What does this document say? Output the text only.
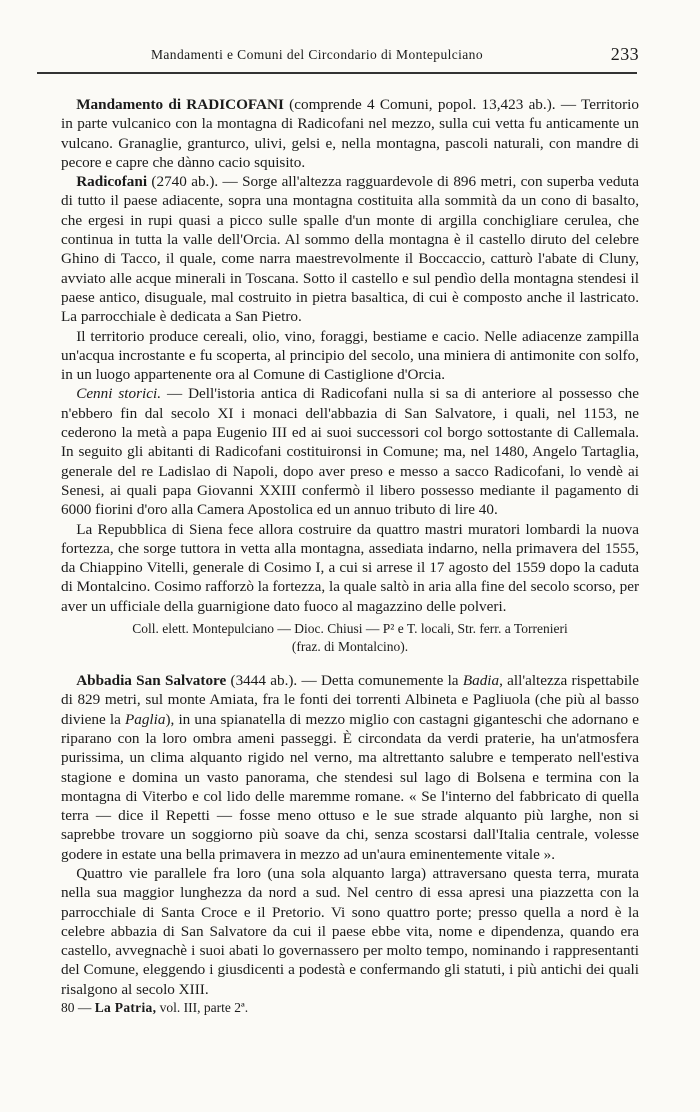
Mandamenti e Comuni del Circondario di Montepulciano	233

 Mandamento di RADICOFANI (comprende 4 Comuni, popol. 13,423 ab.). — Territorio in parte vulcanico con la montagna di Radicofani nel mezzo, sulla cui vetta fu anticamente un vulcano. Granaglie, granturco, ulivi, gelsi e, nella montagna, pascoli naturali, con mandre di pecore e capre che dànno cacio squisito.

 Radicofani (2740 ab.). — Sorge all'altezza ragguardevole di 896 metri, con superba veduta di tutto il paese adiacente, sopra una montagna costituita alla sommità da un cono di basalto, che ergesi in rupi quasi a picco sulle spalle d'un monte di argilla conchigliare cerulea, che continua in tutta la valle dell'Orcia. Al sommo della montagna è il castello diruto del celebre Ghino di Tacco, il quale, come narra maestrevolmente il Boccaccio, catturò l'abate di Cluny, avviato alle acque minerali in Toscana. Sotto il castello e sul pendìo della montagna stendesi il paese antico, disuguale, mal costruito in pietra basaltica, di cui è composto anche il lastricato. La parrocchiale è dedicata a San Pietro.

 Il territorio produce cereali, olio, vino, foraggi, bestiame e cacio. Nelle adiacenze zampilla un'acqua incrostante e fu scoperta, al principio del secolo, una miniera di antimonite con solfo, in un luogo appartenente ora al Comune di Castiglione d'Orcia.

 Cenni storici. — Dell'istoria antica di Radicofani nulla si sa di anteriore al possesso che n'ebbero fin dal secolo XI i monaci dell'abbazia di San Salvatore, i quali, nel 1153, ne cederono la metà a papa Eugenio III ed ai suoi successori col borgo sottostante di Callemala. In seguito gli abitanti di Radicofani costituironsi in Comune; ma, nel 1480, Angelo Tartaglia, generale del re Ladislao di Napoli, dopo aver preso e messo a sacco Radicofani, lo vendè ai Senesi, ai quali papa Giovanni XXIII confermò il libero possesso mediante il pagamento di 6000 fiorini d'oro alla Camera Apostolica ed un annuo tributo di lire 40.

 La Repubblica di Siena fece allora costruire da quattro mastri muratori lombardi la nuova fortezza, che sorge tuttora in vetta alla montagna, assediata indarno, nella primavera del 1555, da Chiappino Vitelli, generale di Cosimo I, a cui si arrese il 17 agosto del 1559 dopo la caduta di Montalcino. Cosimo rafforzò la fortezza, la quale saltò in aria alla fine del secolo scorso, per aver un ufficiale della guarnigione dato fuoco al magazzino delle polveri.

Coll. elett. Montepulciano — Dioc. Chiusi — P² e T. locali, Str. ferr. a Torrenieri
(fraz. di Montalcino).

 Abbadia San Salvatore (3444 ab.). — Detta comunemente la Badia, all'altezza rispettabile di 829 metri, sul monte Amiata, fra le fonti dei torrenti Albineta e Pagliuola (che più al basso diviene la Paglia), in una spianatella di mezzo miglio con castagni giganteschi che adornano e riparano con la loro ombra ameni passeggi. È circondata da verdi praterie, ha un'atmosfera purissima, un clima alquanto rigido nel verno, ma altrettanto salubre e temperato nell'estiva stagione e domina un vasto panorama, che stendesi sul lago di Bolsena e termina con la montagna di Viterbo e col lido delle maremme romane. « Se l'interno del fabbricato di quella terra — dice il Repetti — fosse meno ottuso e le sue strade alquanto più larghe, non si saprebbe trovare un soggiorno più soave da chi, senza scostarsi dall'Italia centrale, volesse godere in estate una bella primavera in mezzo ad un'aura eminentemente vitale ».

 Quattro vie parallele fra loro (una sola alquanto larga) attraversano questa terra, murata nella sua maggior lunghezza da nord a sud. Nel centro di essa apresi una piazzetta con la parrocchiale di Santa Croce e il Pretorio. Vi sono quattro porte; presso quella a nord è la celebre abbazia di San Salvatore da cui il paese ebbe vita, nome e dipendenza, quando era castello, avvegnachè i suoi abati lo governassero per molto tempo, nominando i rappresentanti del Comune, eleggendo i giusdicenti a podestà e confermando gli statuti, i più antichi dei quali risalgono al secolo XIII.

80 — La Patria, vol. III, parte 2ª.
